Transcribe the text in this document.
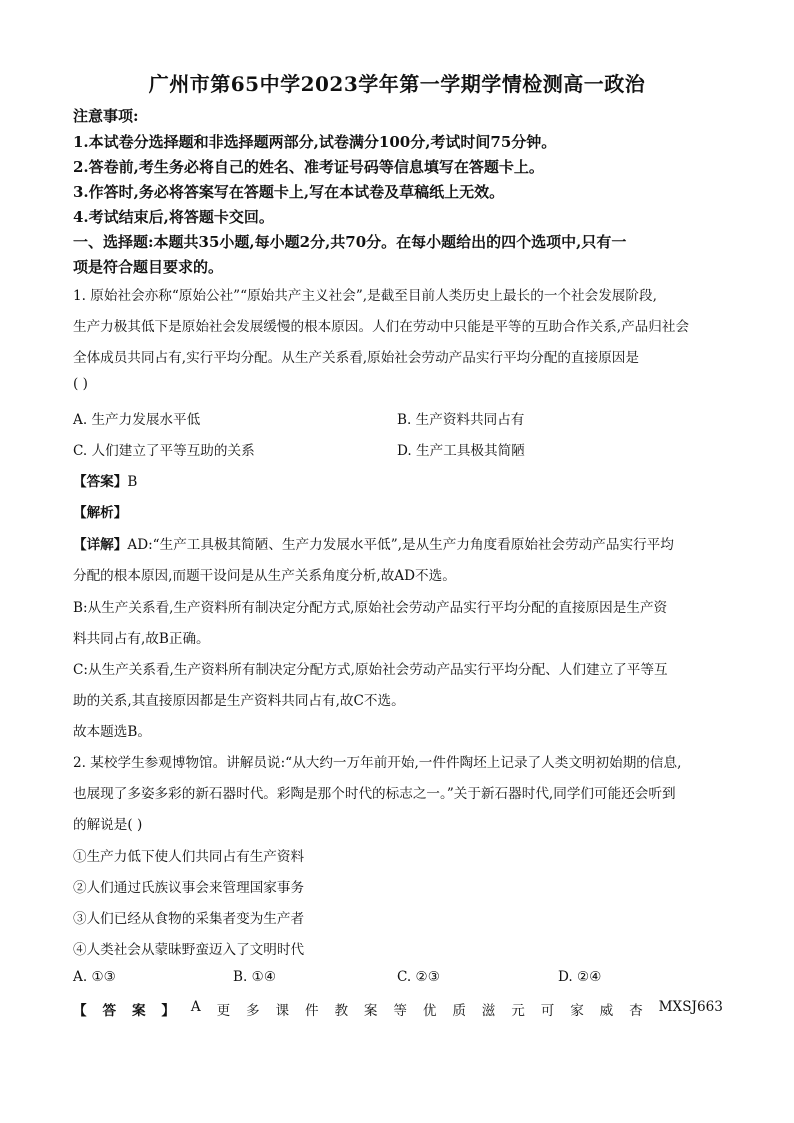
广州市第65中学2023学年第一学期学情检测高一政治
注意事项:
1.本试卷分选择题和非选择题两部分,试卷满分100分,考试时间75分钟。
2.答卷前,考生务必将自己的姓名、准考证号码等信息填写在答题卡上。
3.作答时,务必将答案写在答题卡上,写在本试卷及草稿纸上无效。
4.考试结束后,将答题卡交回。
一、选择题:本题共35小题,每小题2分,共70分。在每小题给出的四个选项中,只有一
项是符合题目要求的。
1. 原始社会亦称“原始公社”“原始共产主义社会”,是截至目前人类历史上最长的一个社会发展阶段,
生产力极其低下是原始社会发展缓慢的根本原因。人们在劳动中只能是平等的互助合作关系,产品归社会
全体成员共同占有,实行平均分配。从生产关系看,原始社会劳动产品实行平均分配的直接原因是
( )
A. 生产力发展水平低	B. 生产资料共同占有
C. 人们建立了平等互助的关系	D. 生产工具极其简陋
【答案】B
【解析】
【详解】AD:“生产工具极其简陋、生产力发展水平低”,是从生产力角度看原始社会劳动产品实行平均
分配的根本原因,而题干设问是从生产关系角度分析,故AD不选。
B:从生产关系看,生产资料所有制决定分配方式,原始社会劳动产品实行平均分配的直接原因是生产资
料共同占有,故B正确。
C:从生产关系看,生产资料所有制决定分配方式,原始社会劳动产品实行平均分配、人们建立了平等互
助的关系,其直接原因都是生产资料共同占有,故C不选。
故本题选B。
2. 某校学生参观博物馆。讲解员说:“从大约一万年前开始,一件件陶坯上记录了人类文明初始期的信息,
也展现了多姿多彩的新石器时代。彩陶是那个时代的标志之一。”关于新石器时代,同学们可能还会听到
的解说是( )
①生产力低下使人们共同占有生产资料
②人们通过氏族议事会来管理国家事务
③人们已经从食物的采集者变为生产者
④人类社会从蒙昧野蛮迈入了文明时代
A. ①③	B. ①④	C. ②③	D. ②④
【 答 案 】 A 更 多 课 件 教 案 等 优 质 滋 元 可 家 威 杏 MXSJ663
